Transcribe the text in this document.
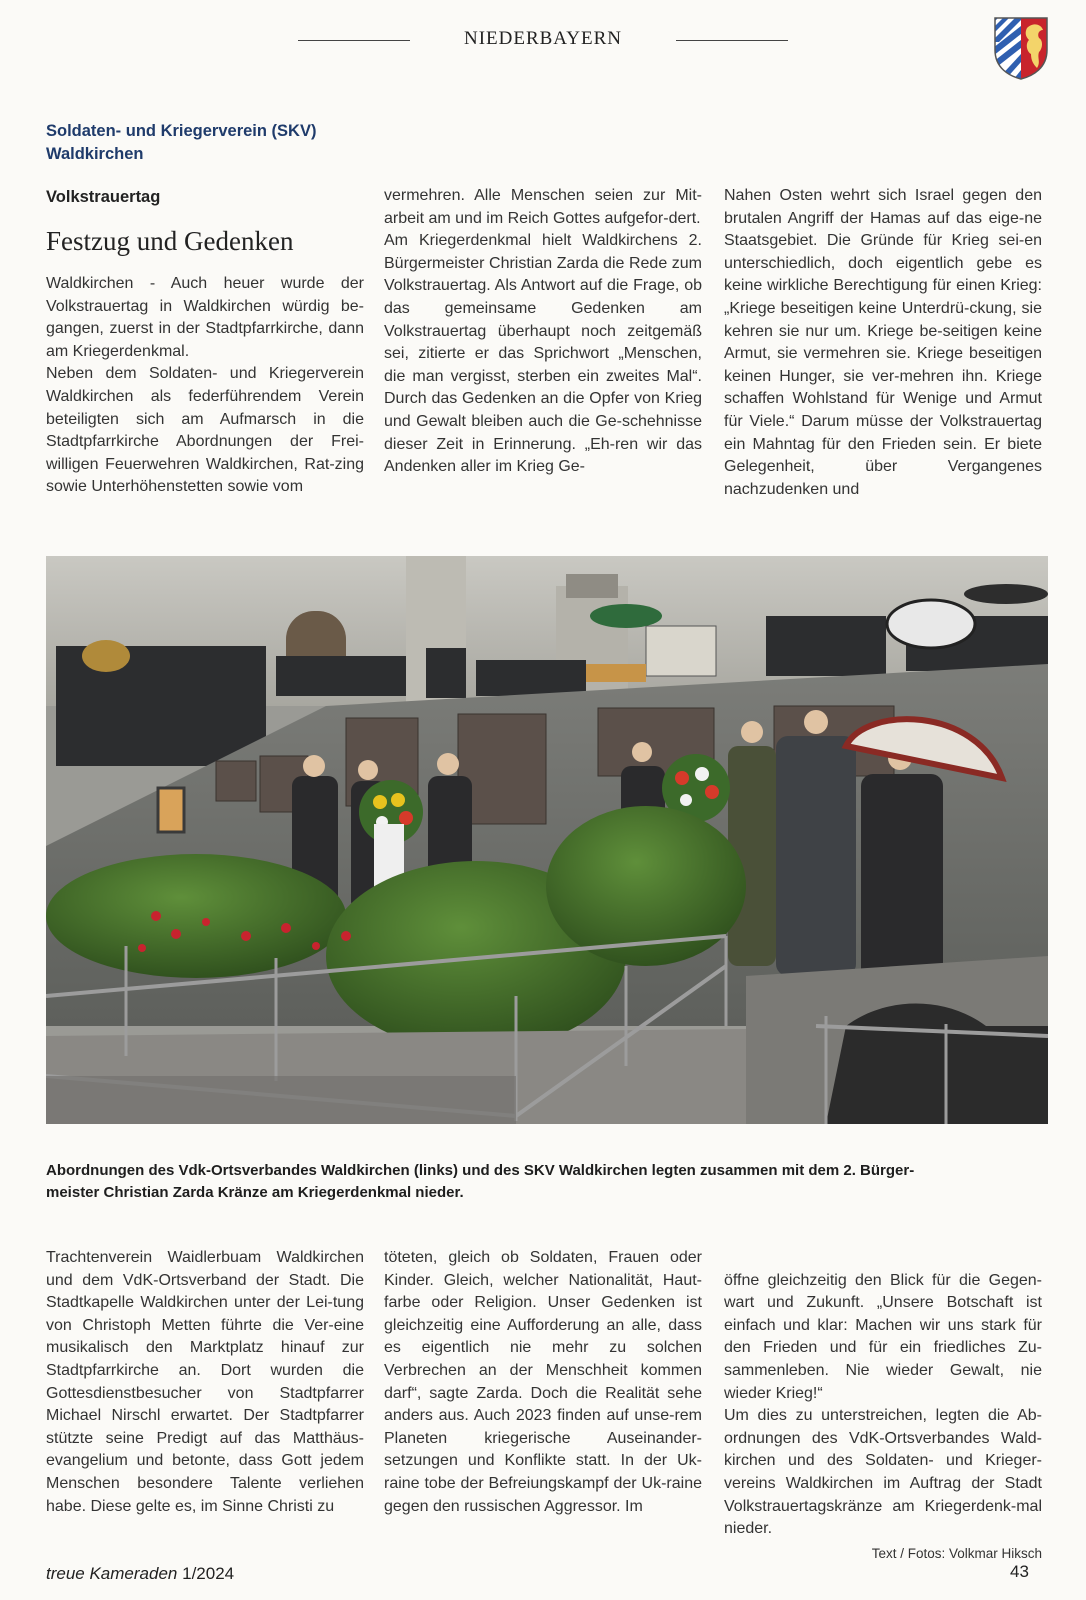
NIEDERBAYERN
Soldaten- und Kriegerverein (SKV)
Waldkirchen
Volkstrauertag
Festzug und Gedenken
Waldkirchen - Auch heuer wurde der Volkstrauertag in Waldkirchen würdig be-gangen, zuerst in der Stadtpfarrkirche, dann am Kriegerdenkmal.
Neben dem Soldaten- und Kriegerverein Waldkirchen als federführendem Verein beteiligten sich am Aufmarsch in die Stadtpfarrkirche Abordnungen der Frei-willigen Feuerwehren Waldkirchen, Rat-zing sowie Unterhöhenstetten sowie vom
vermehren. Alle Menschen seien zur Mit-arbeit am und im Reich Gottes aufgefor-dert.
Am Kriegerdenkmal hielt Waldkirchens 2. Bürgermeister Christian Zarda die Rede zum Volkstrauertag. Als Antwort auf die Frage, ob das gemeinsame Gedenken am Volkstrauertag überhaupt noch zeitgemäß sei, zitierte er das Sprichwort „Menschen, die man vergisst, sterben ein zweites Mal“. Durch das Gedenken an die Opfer von Krieg und Gewalt bleiben auch die Ge-schehnisse dieser Zeit in Erinnerung. „Eh-ren wir das Andenken aller im Krieg Ge-
Nahen Osten wehrt sich Israel gegen den brutalen Angriff der Hamas auf das eige-ne Staatsgebiet. Die Gründe für Krieg sei-en unterschiedlich, doch eigentlich gebe es keine wirkliche Berechtigung für einen Krieg: „Kriege beseitigen keine Unterdrü-ckung, sie kehren sie nur um. Kriege be-seitigen keine Armut, sie vermehren sie. Kriege beseitigen keinen Hunger, sie ver-mehren ihn. Kriege schaffen Wohlstand für Wenige und Armut für Viele.“ Darum müsse der Volkstrauertag ein Mahntag für den Frieden sein. Er biete Gelegenheit, über Vergangenes nachzudenken und
Abordnungen des Vdk-Ortsverbandes Waldkirchen (links) und des SKV Waldkirchen legten zusammen mit dem 2. Bürger-
meister Christian Zarda Kränze am Kriegerdenkmal nieder.
Trachtenverein Waidlerbuam Waldkirchen und dem VdK-Ortsverband der Stadt. Die Stadtkapelle Waldkirchen unter der Lei-tung von Christoph Metten führte die Ver-eine musikalisch den Marktplatz hinauf zur Stadtpfarrkirche an. Dort wurden die Gottesdienstbesucher von Stadtpfarrer Michael Nirschl erwartet. Der Stadtpfarrer stützte seine Predigt auf das Matthäus-evangelium und betonte, dass Gott jedem Menschen besondere Talente verliehen habe. Diese gelte es, im Sinne Christi zu
töteten, gleich ob Soldaten, Frauen oder Kinder. Gleich, welcher Nationalität, Haut-farbe oder Religion. Unser Gedenken ist gleichzeitig eine Aufforderung an alle, dass es eigentlich nie mehr zu solchen Verbrechen an der Menschheit kommen darf“, sagte Zarda. Doch die Realität sehe anders aus. Auch 2023 finden auf unse-rem Planeten kriegerische Auseinander-setzungen und Konflikte statt. In der Uk-raine tobe der Befreiungskampf der Uk-raine gegen den russischen Aggressor. Im

öffne gleichzeitig den Blick für die Gegen-wart und Zukunft. „Unsere Botschaft ist einfach und klar: Machen wir uns stark für den Frieden und für ein friedliches Zu-sammenleben. Nie wieder Gewalt, nie wieder Krieg!“
Um dies zu unterstreichen, legten die Ab-ordnungen des VdK-Ortsverbandes Wald-kirchen und des Soldaten- und Krieger-vereins Waldkirchen im Auftrag der Stadt Volkstrauertagskränze am Kriegerdenk-mal nieder.

Text / Fotos: Volkmar Hiksch

treue Kameraden 1/2024	43
